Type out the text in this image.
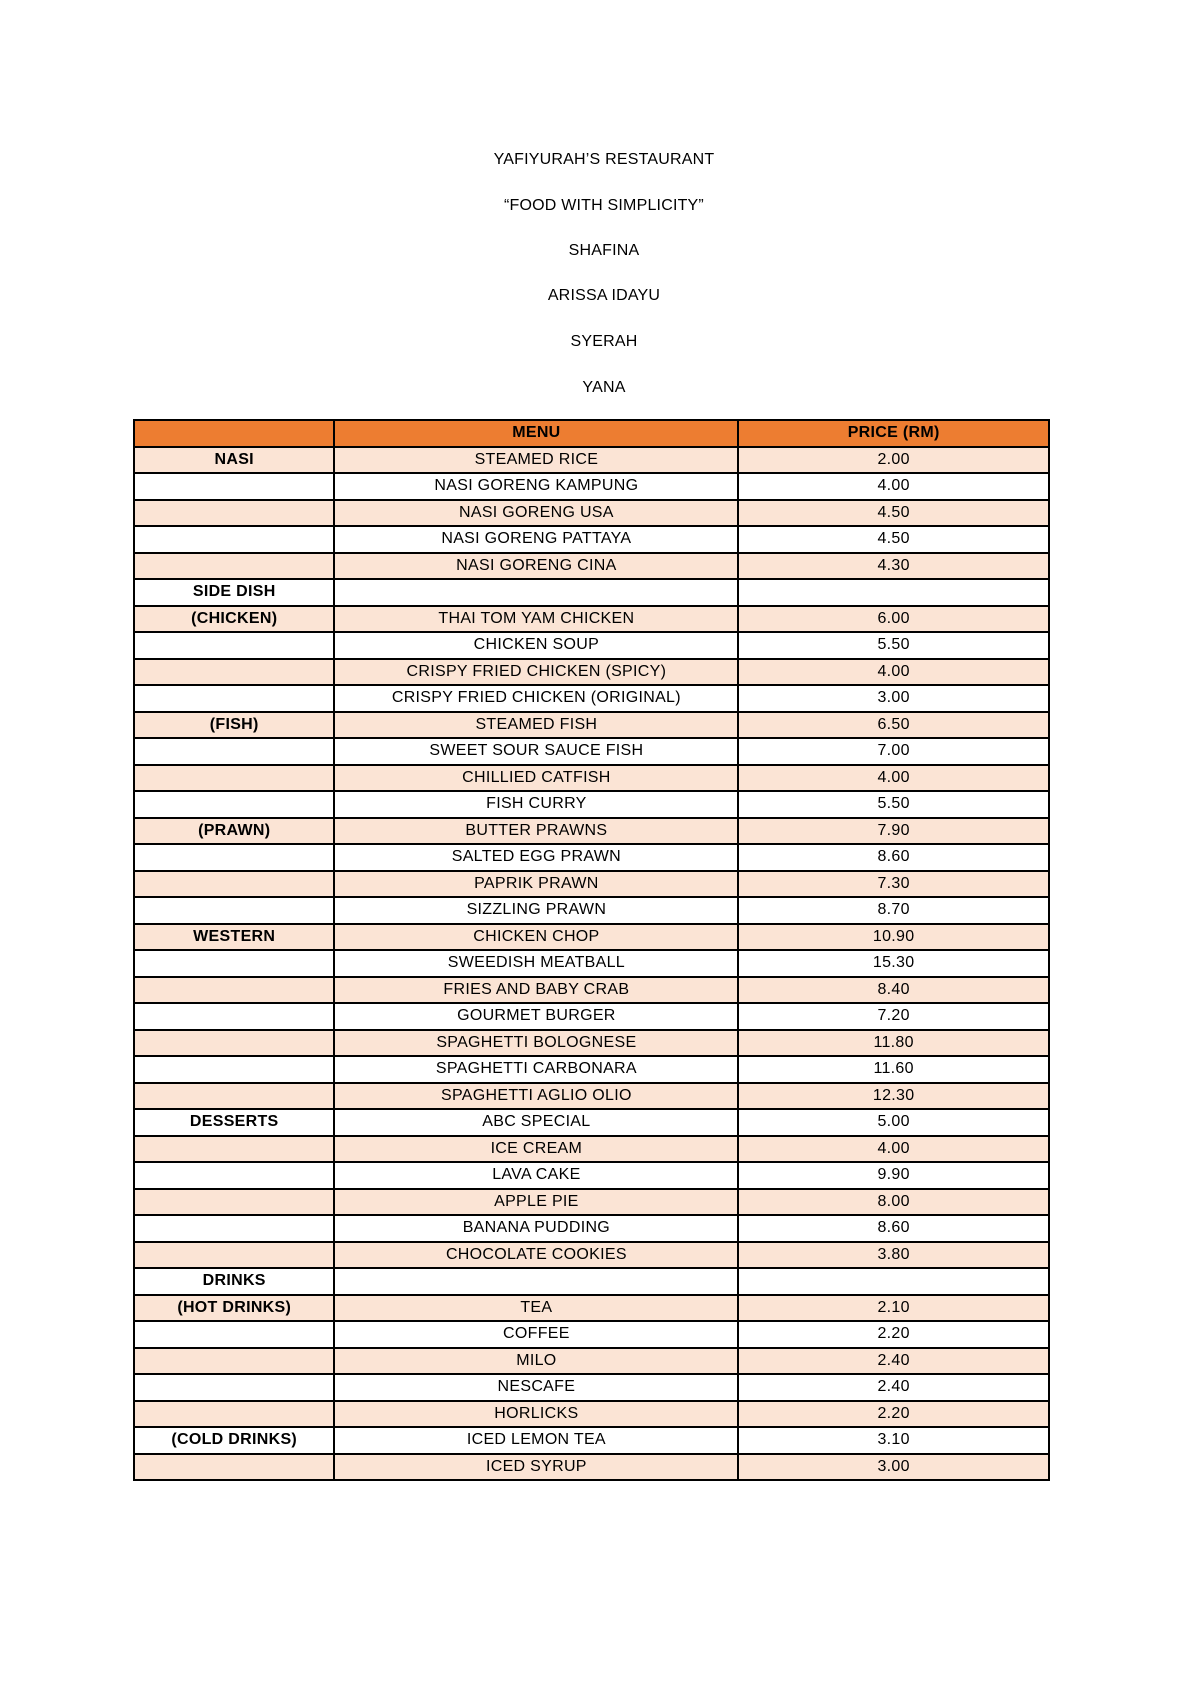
YAFIYURAH’S RESTAURANT
“FOOD WITH SIMPLICITY”
SHAFINA
ARISSA IDAYU
SYERAH
YANA
	MENU	PRICE (RM)
NASI	STEAMED RICE	2.00
	NASI GORENG KAMPUNG	4.00
	NASI GORENG USA	4.50
	NASI GORENG PATTAYA	4.50
	NASI GORENG CINA	4.30
SIDE DISH		
(CHICKEN)	THAI TOM YAM CHICKEN	6.00
	CHICKEN SOUP	5.50
	CRISPY FRIED CHICKEN (SPICY)	4.00
	CRISPY FRIED CHICKEN (ORIGINAL)	3.00
(FISH)	STEAMED FISH	6.50
	SWEET SOUR SAUCE FISH	7.00
	CHILLIED CATFISH	4.00
	FISH CURRY	5.50
(PRAWN)	BUTTER PRAWNS	7.90
	SALTED EGG PRAWN	8.60
	PAPRIK PRAWN	7.30
	SIZZLING PRAWN	8.70
WESTERN	CHICKEN CHOP	10.90
	SWEEDISH MEATBALL	15.30
	FRIES AND BABY CRAB	8.40
	GOURMET BURGER	7.20
	SPAGHETTI BOLOGNESE	11.80
	SPAGHETTI CARBONARA	11.60
	SPAGHETTI AGLIO OLIO	12.30
DESSERTS	ABC SPECIAL	5.00
	ICE CREAM	4.00
	LAVA CAKE	9.90
	APPLE PIE	8.00
	BANANA PUDDING	8.60
	CHOCOLATE COOKIES	3.80
DRINKS		
(HOT DRINKS)	TEA	2.10
	COFFEE	2.20
	MILO	2.40
	NESCAFE	2.40
	HORLICKS	2.20
(COLD DRINKS)	ICED LEMON TEA	3.10
	ICED SYRUP	3.00
